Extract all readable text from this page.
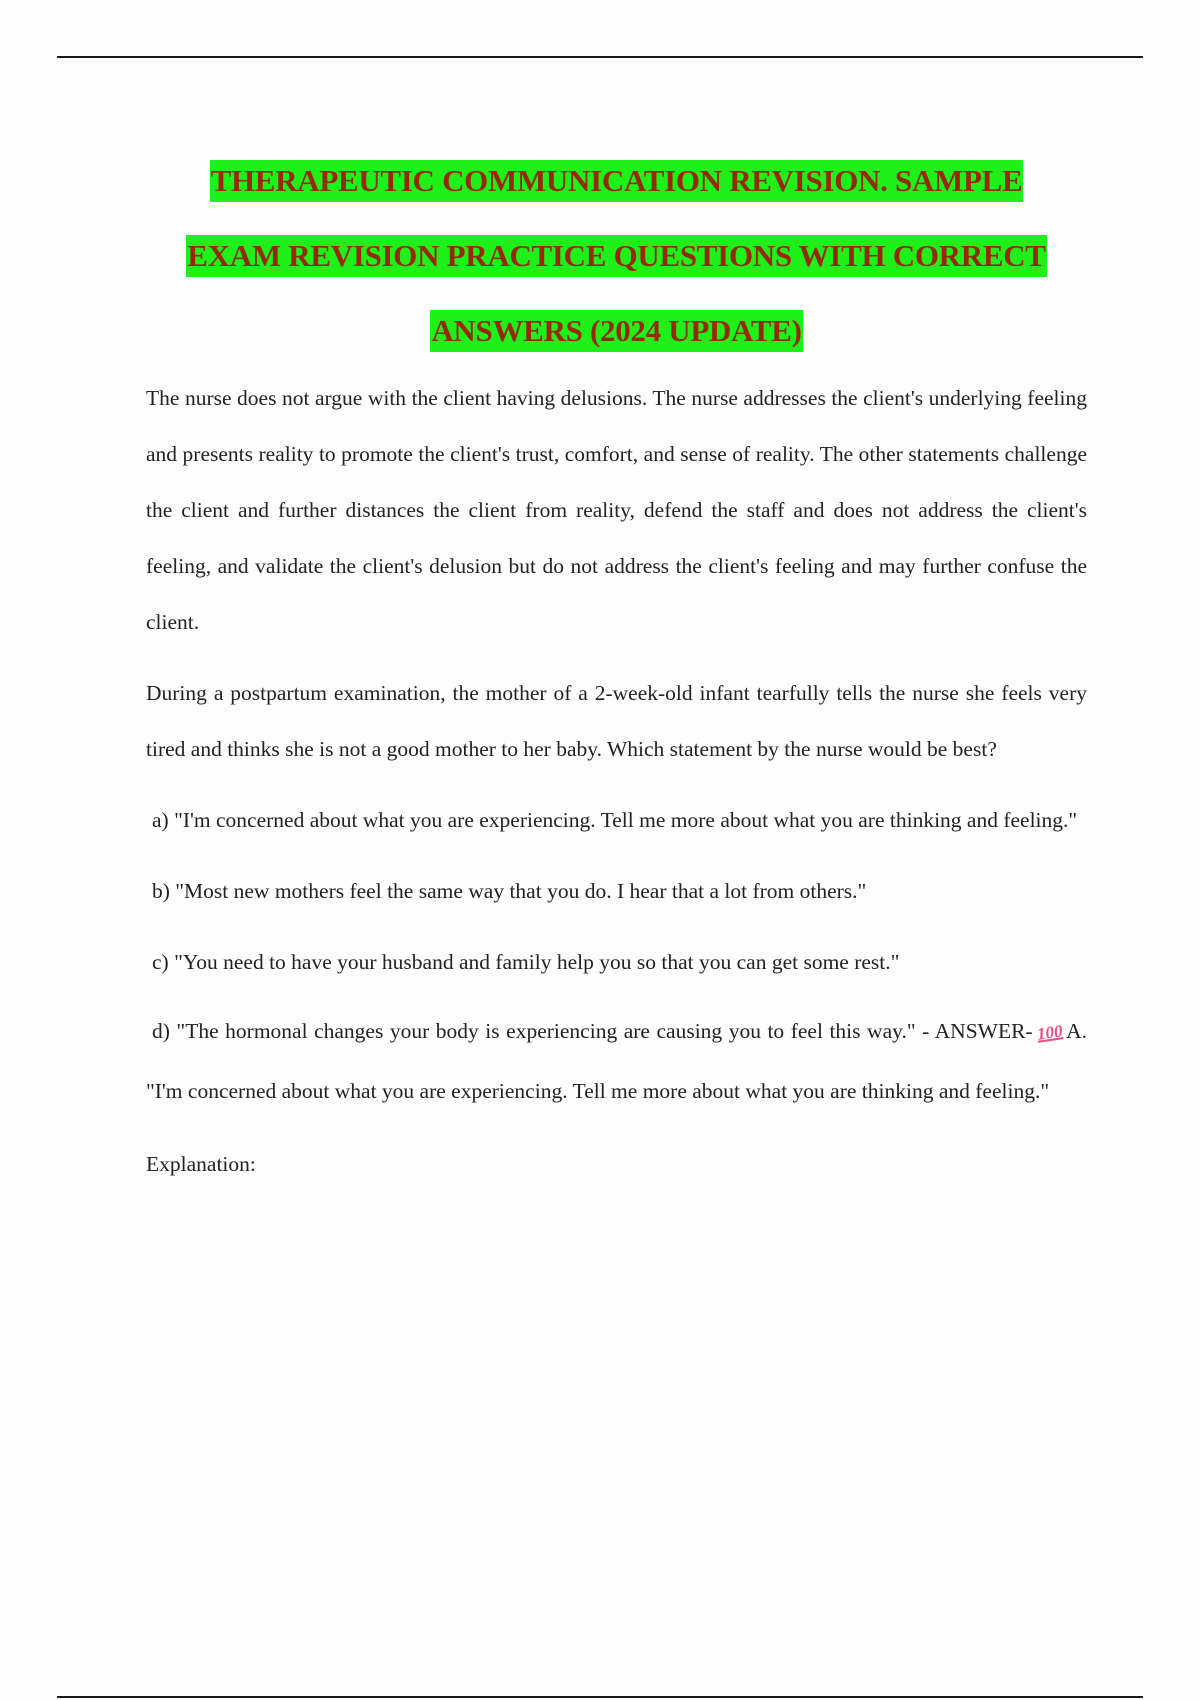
THERAPEUTIC COMMUNICATION REVISION. SAMPLE
EXAM REVISION PRACTICE QUESTIONS WITH CORRECT
ANSWERS (2024 UPDATE)

The nurse does not argue with the client having delusions. The nurse addresses the client's underlying feeling and presents reality to promote the client's trust, comfort, and sense of reality. The other statements challenge the client and further distances the client from reality, defend the staff and does not address the client's feeling, and validate the client's delusion but do not address the client's feeling and may further confuse the client.

During a postpartum examination, the mother of a 2-week-old infant tearfully tells the nurse she feels very tired and thinks she is not a good mother to her baby. Which statement by the nurse would be best?

a) "I'm concerned about what you are experiencing. Tell me more about what you are thinking and feeling."

b) "Most new mothers feel the same way that you do. I hear that a lot from others."

c) "You need to have your husband and family help you so that you can get some rest."

d) "The hormonal changes your body is experiencing are causing you to feel this way." - ANSWER- 100 A. "I'm concerned about what you are experiencing. Tell me more about what you are thinking and feeling."

Explanation:
